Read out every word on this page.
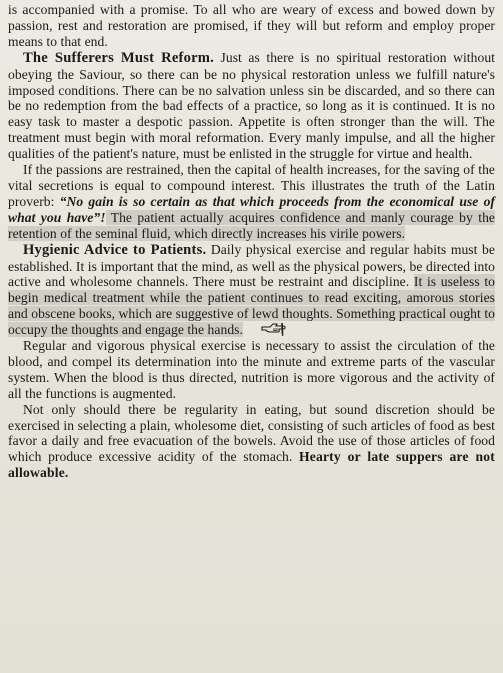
is accompanied with a promise. To all who are weary of excess and bowed down by passion, rest and restoration are promised, if they will but reform and employ proper means to that end.

The Sufferers Must Reform. Just as there is no spiritual restoration without obeying the Saviour, so there can be no physical restoration unless we fulfill nature's imposed conditions. There can be no salvation unless sin be discarded, and so there can be no redemption from the bad effects of a practice, so long as it is continued. It is no easy task to master a despotic passion. Appetite is often stronger than the will. The treatment must begin with moral reformation. Every manly impulse, and all the higher qualities of the patient's nature, must be enlisted in the struggle for virtue and health.

If the passions are restrained, then the capital of health increases, for the saving of the vital secretions is equal to compound interest. This illustrates the truth of the Latin proverb: “No gain is so certain as that which proceeds from the economical use of what you have”! The patient actually acquires confidence and manly courage by the retention of the seminal fluid, which directly increases his virile powers.

Hygienic Advice to Patients. Daily physical exercise and regular habits must be established. It is important that the mind, as well as the physical powers, be directed into active and wholesome channels. There must be restraint and discipline. It is useless to begin medical treatment while the patient continues to read exciting, amorous stories and obscene books, which are suggestive of lewd thoughts. Something practical ought to occupy the thoughts and engage the hands.

Regular and vigorous physical exercise is necessary to assist the circulation of the blood, and compel its determination into the minute and extreme parts of the vascular system. When the blood is thus directed, nutrition is more vigorous and the activity of all the functions is augmented.

Not only should there be regularity in eating, but sound discretion should be exercised in selecting a plain, wholesome diet, consisting of such articles of food as best favor a daily and free evacuation of the bowels. Avoid the use of those articles of food which produce excessive acidity of the stomach. Hearty or late suppers are not allowable.
